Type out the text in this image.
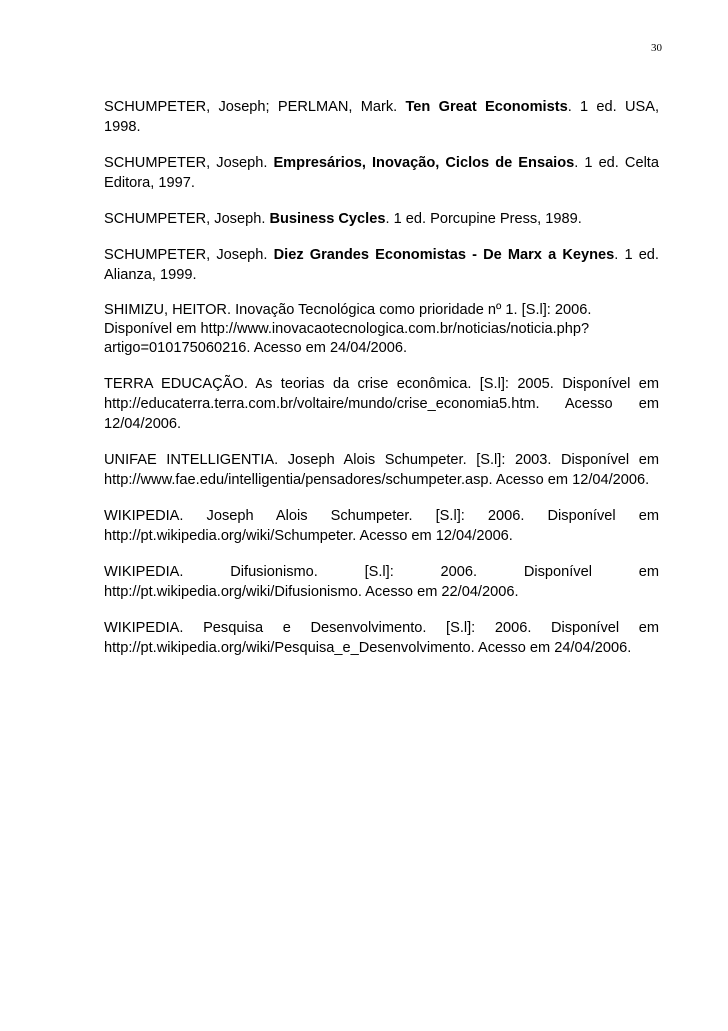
30

SCHUMPETER, Joseph; PERLMAN, Mark. Ten Great Economists. 1 ed. USA, 1998.

SCHUMPETER, Joseph. Empresários, Inovação, Ciclos de Ensaios. 1 ed. Celta Editora, 1997.

SCHUMPETER, Joseph. Business Cycles. 1 ed. Porcupine Press, 1989.

SCHUMPETER, Joseph. Diez Grandes Economistas - De Marx a Keynes. 1 ed. Alianza, 1999.

SHIMIZU, HEITOR. Inovação Tecnológica como prioridade nº 1. [S.l]: 2006.
Disponível em http://www.inovacaotecnologica.com.br/noticias/noticia.php?
artigo=010175060216. Acesso em 24/04/2006.

TERRA EDUCAÇÃO. As teorias da crise econômica. [S.l]: 2005. Disponível em http://educaterra.terra.com.br/voltaire/mundo/crise_economia5.htm. Acesso em 12/04/2006.

UNIFAE INTELLIGENTIA. Joseph Alois Schumpeter. [S.l]: 2003. Disponível em http://www.fae.edu/intelligentia/pensadores/schumpeter.asp. Acesso em 12/04/2006.

WIKIPEDIA. Joseph Alois Schumpeter. [S.l]: 2006. Disponível em http://pt.wikipedia.org/wiki/Schumpeter. Acesso em 12/04/2006.

WIKIPEDIA. Difusionismo. [S.l]: 2006. Disponível em http://pt.wikipedia.org/wiki/Difusionismo. Acesso em 22/04/2006.

WIKIPEDIA. Pesquisa e Desenvolvimento. [S.l]: 2006. Disponível em http://pt.wikipedia.org/wiki/Pesquisa_e_Desenvolvimento. Acesso em 24/04/2006.
